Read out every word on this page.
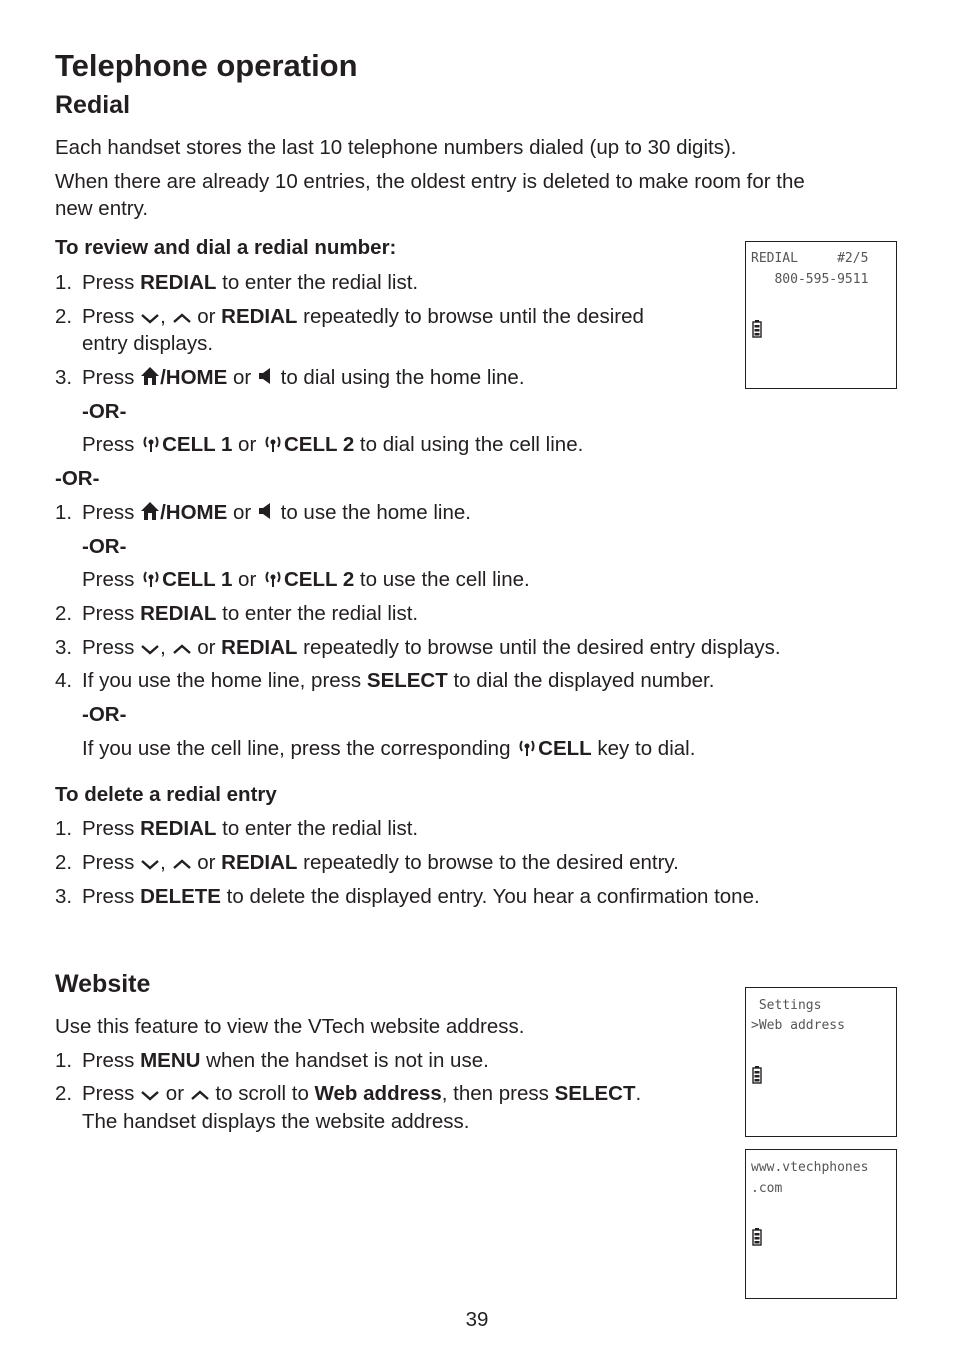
Telephone operation
Redial

Each handset stores the last 10 telephone numbers dialed (up to 30 digits).

When there are already 10 entries, the oldest entry is deleted to make room for the

new entry.

To review and dial a redial number:
1. Press REDIAL to enter the redial list.
2. Press ,  or REDIAL repeatedly to browse until the desired
entry displays.
3. Press /HOME or  to dial using the home line.
-OR-
Press CELL 1 or CELL 2 to dial using the cell line.
-OR-
1. Press /HOME or  to use the home line.
-OR-
Press CELL 1 or CELL 2 to use the cell line.
2. Press REDIAL to enter the redial list.
3. Press ,  or REDIAL repeatedly to browse until the desired entry displays.
4. If you use the home line, press SELECT to dial the displayed number.
-OR-
If you use the cell line, press the corresponding CELL key to dial.
To delete a redial entry
1. Press REDIAL to enter the redial list.
2. Press ,  or REDIAL repeatedly to browse to the desired entry.
3. Press DELETE to delete the displayed entry. You hear a confirmation tone.
REDIAL     #2/5
800-595-9511
Website

Use this feature to view the VTech website address.

1. Press MENU when the handset is not in use.
2. Press  or  to scroll to Web address, then press SELECT.
The handset displays the website address.
Settings
>Web address
www.vtechphones
.com
39
